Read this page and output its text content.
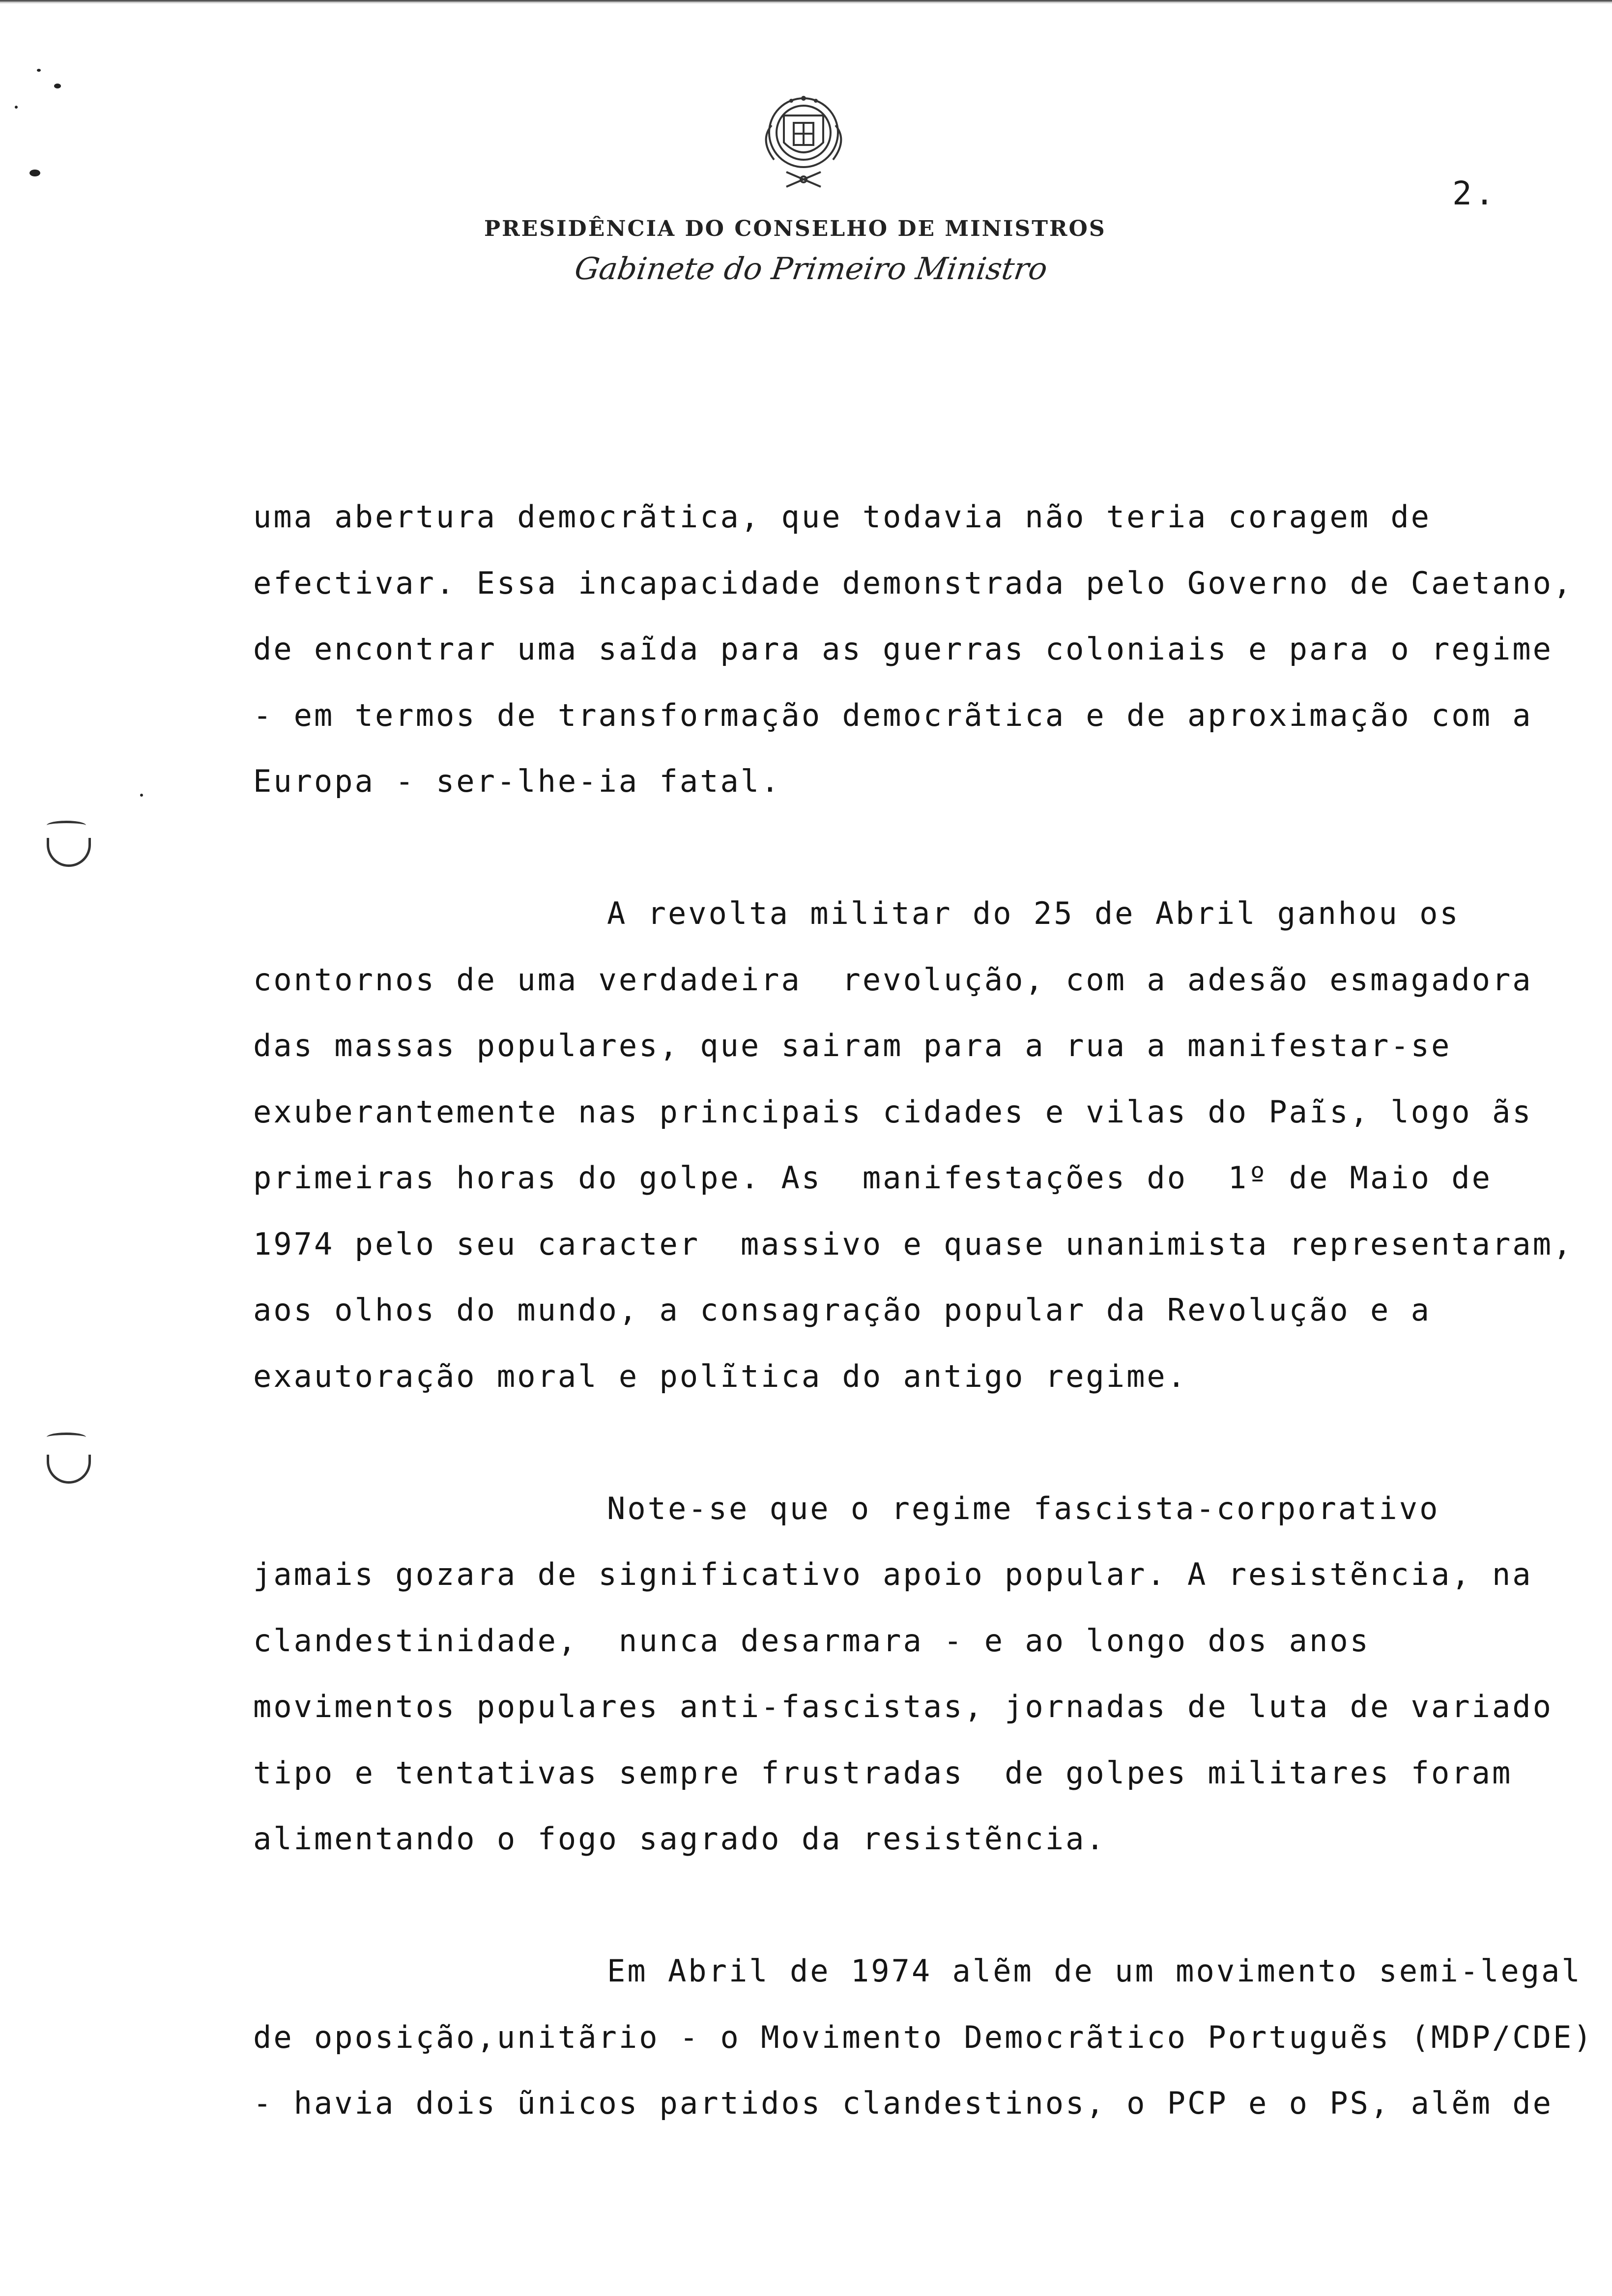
2.
PRESIDÊNCIA DO CONSELHO DE MINISTROS
Gabinete do Primeiro Ministro
uma abertura democrãtica, que todavia não teria coragem de
efectivar. Essa incapacidade demonstrada pelo Governo de Caetano,
de encontrar uma saĩda para as guerras coloniais e para o regime
- em termos de transformação democrãtica e de aproximação com a
Europa - ser-lhe-ia fatal.
A revolta militar do 25 de Abril ganhou os
contornos de uma verdadeira  revolução, com a adesão esmagadora
das massas populares, que sairam para a rua a manifestar-se
exuberantemente nas principais cidades e vilas do Paĩs, logo ãs
primeiras horas do golpe. As  manifestações do  1º de Maio de
1974 pelo seu caracter  massivo e quase unanimista representaram,
aos olhos do mundo, a consagração popular da Revolução e a
exautoração moral e polĩtica do antigo regime.
Note-se que o regime fascista-corporativo
jamais gozara de significativo apoio popular. A resistẽncia, na
clandestinidade,  nunca desarmara - e ao longo dos anos
movimentos populares anti-fascistas, jornadas de luta de variado
tipo e tentativas sempre frustradas  de golpes militares foram
alimentando o fogo sagrado da resistẽncia.
Em Abril de 1974 alẽm de um movimento semi-legal
de oposição,unitãrio - o Movimento Democrãtico Portuguẽs (MDP/CDE)
- havia dois ũnicos partidos clandestinos, o PCP e o PS, alẽm de
